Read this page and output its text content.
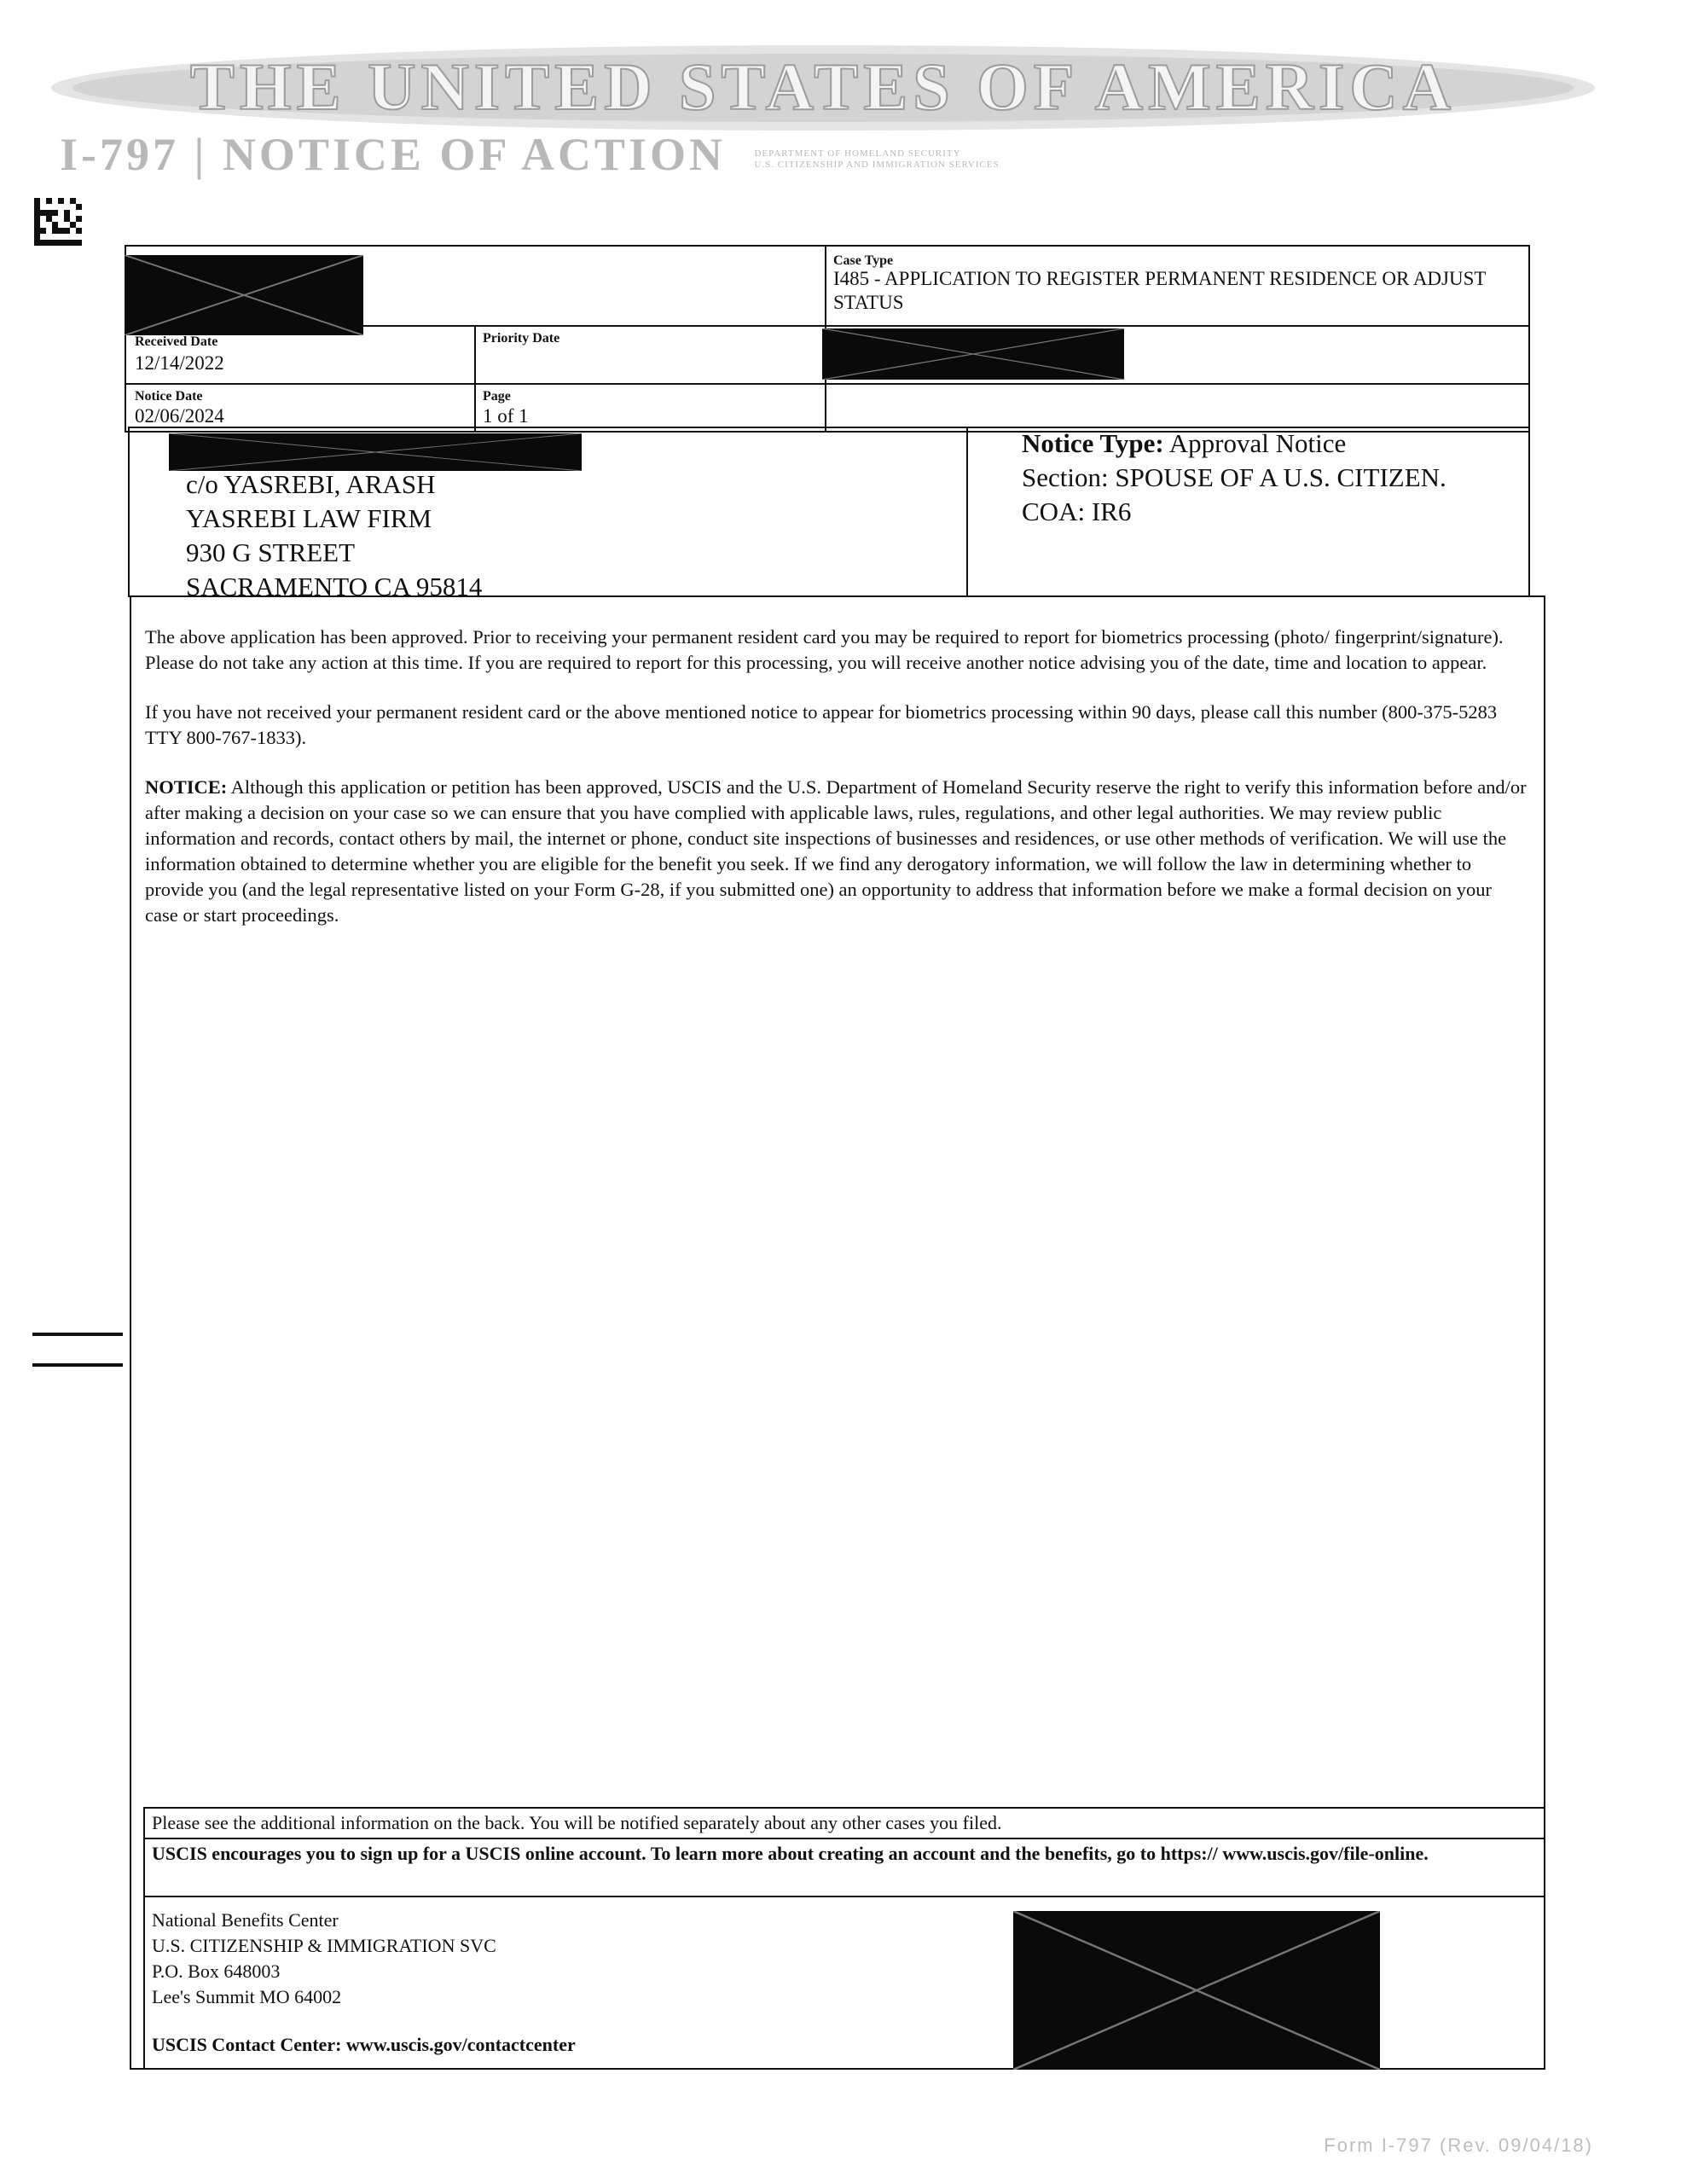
THE UNITED STATES OF AMERICA
I-797 | NOTICE OF ACTION	DEPARTMENT OF HOMELAND SECURITY
U.S. CITIZENSHIP AND IMMIGRATION SERVICES
Case Type
I485 - APPLICATION TO REGISTER PERMANENT RESIDENCE OR ADJUST STATUS
Received Date
12/14/2022
Priority Date
Notice Date
02/06/2024
Page
1 of 1
c/o YASREBI, ARASH
YASREBI LAW FIRM
930 G STREET
SACRAMENTO CA 95814
Notice Type: Approval Notice
Section: SPOUSE OF A U.S. CITIZEN.
COA: IR6

The above application has been approved. Prior to receiving your permanent resident card you may be required to report for biometrics processing (photo/ fingerprint/signature). Please do not take any action at this time. If you are required to report for this processing, you will receive another notice advising you of the date, time and location to appear.

If you have not received your permanent resident card or the above mentioned notice to appear for biometrics processing within 90 days, please call this number (800-375-5283 TTY 800-767-1833).

NOTICE: Although this application or petition has been approved, USCIS and the U.S. Department of Homeland Security reserve the right to verify this information before and/or after making a decision on your case so we can ensure that you have complied with applicable laws, rules, regulations, and other legal authorities. We may review public information and records, contact others by mail, the internet or phone, conduct site inspections of businesses and residences, or use other methods of verification. We will use the information obtained to determine whether you are eligible for the benefit you seek. If we find any derogatory information, we will follow the law in determining whether to provide you (and the legal representative listed on your Form G-28, if you submitted one) an opportunity to address that information before we make a formal decision on your case or start proceedings.

Please see the additional information on the back. You will be notified separately about any other cases you filed.
USCIS encourages you to sign up for a USCIS online account. To learn more about creating an account and the benefits, go to https:// www.uscis.gov/file-online.
National Benefits Center
U.S. CITIZENSHIP & IMMIGRATION SVC
P.O. Box 648003
Lee's Summit MO 64002
USCIS Contact Center: www.uscis.gov/contactcenter
Form I-797 (Rev. 09/04/18)
